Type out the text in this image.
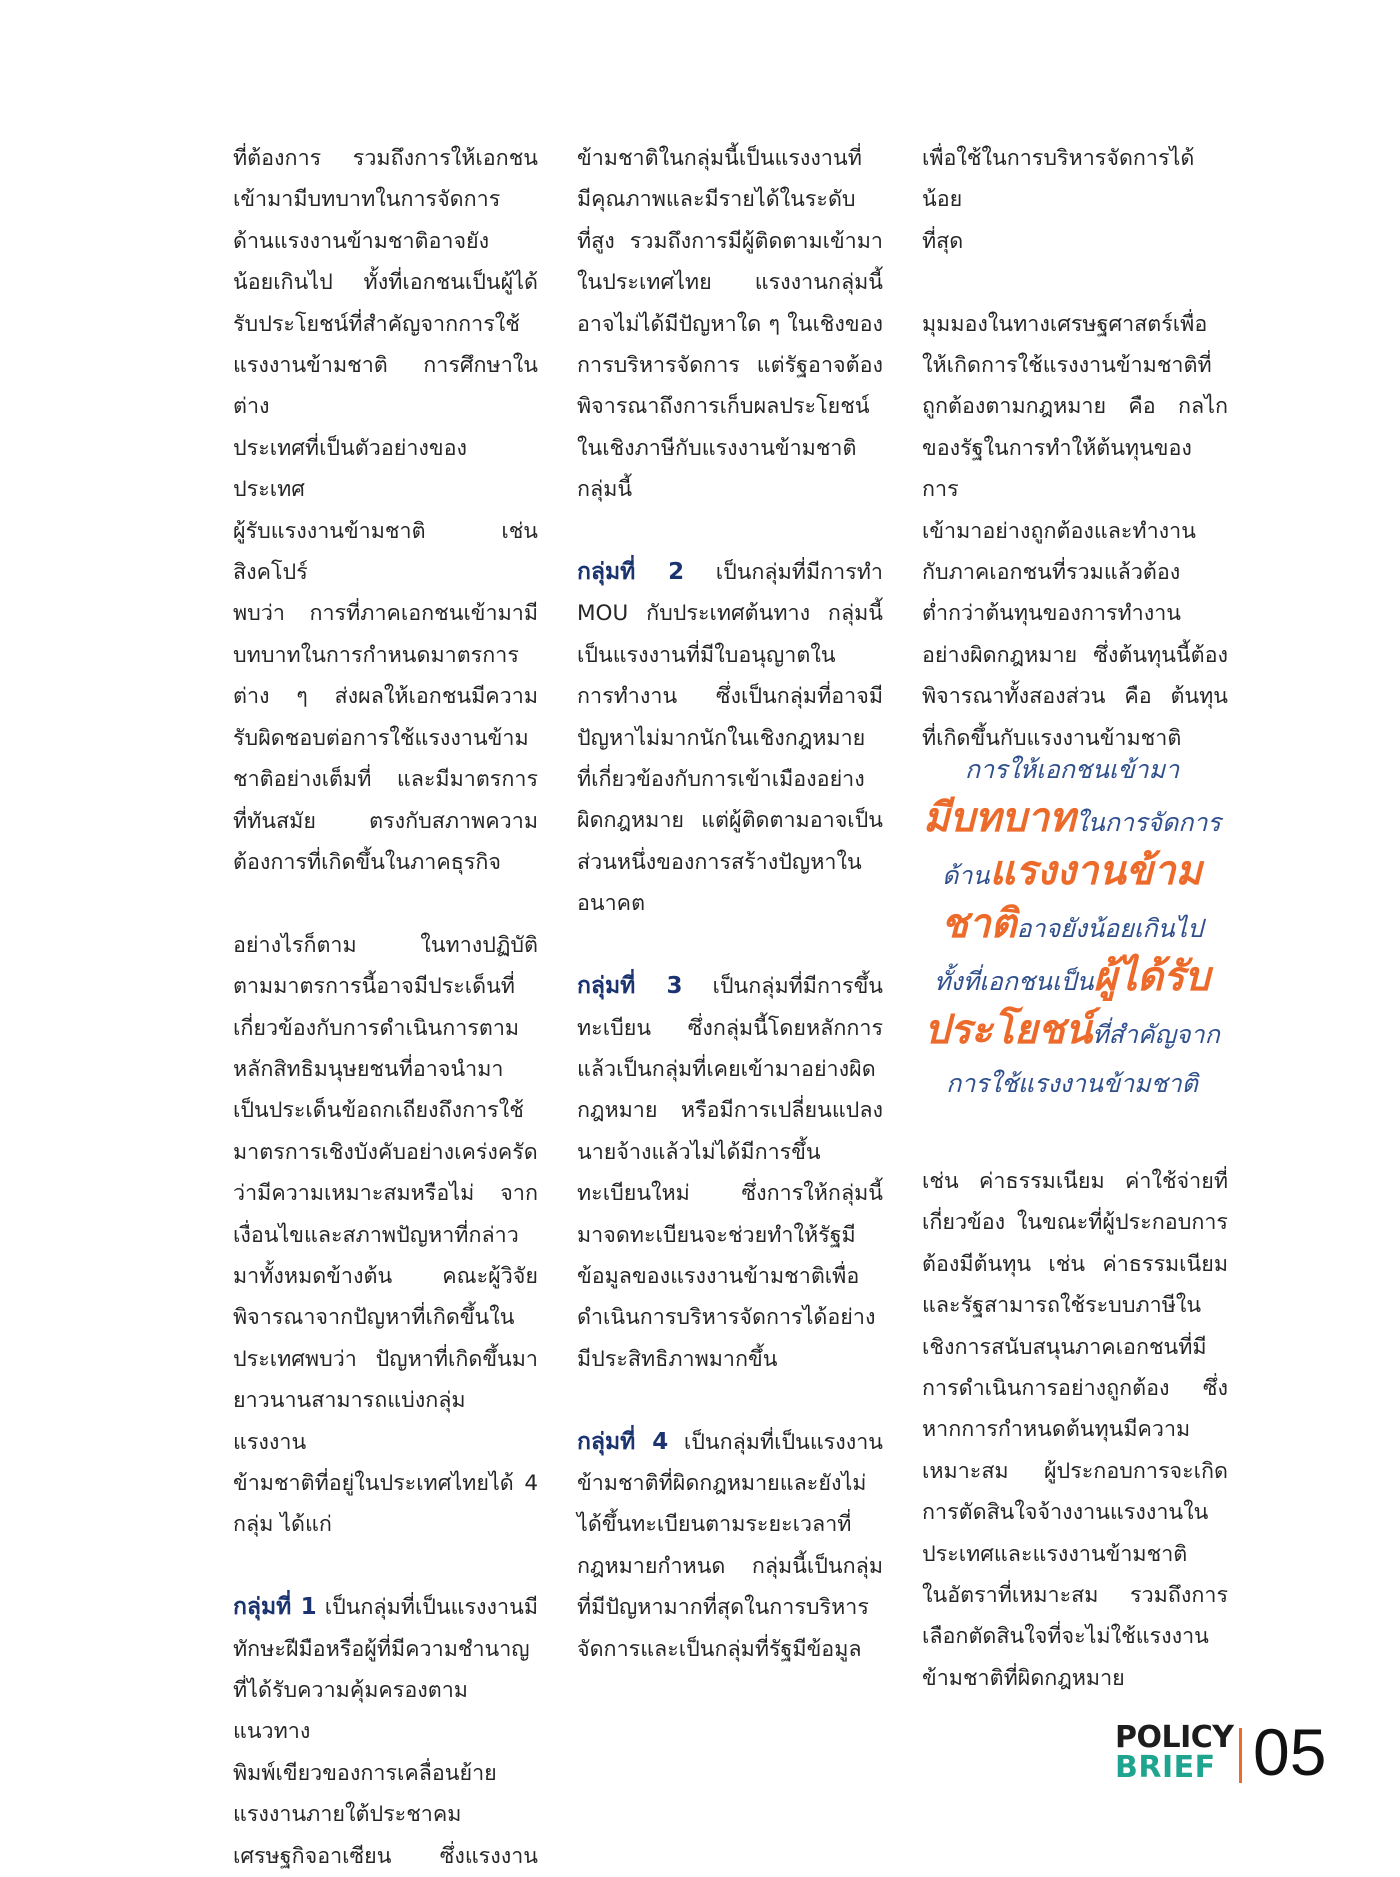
ที่ต้องการ รวมถึงการให้เอกชน
เข้ามามีบทบาทในการจัดการ
ด้านแรงงานข้ามชาติอาจยัง
น้อยเกินไป ทั้งที่เอกชนเป็นผู้ได้
รับประโยชน์ที่สำคัญจากการใช้
แรงงานข้ามชาติ การศึกษาในต่าง
ประเทศที่เป็นตัวอย่างของประเทศ
ผู้รับแรงงานข้ามชาติ เช่น สิงคโปร์
พบว่า การที่ภาคเอกชนเข้ามามี
บทบาทในการกำหนดมาตรการ
ต่าง ๆ ส่งผลให้เอกชนมีความ
รับผิดชอบต่อการใช้แรงงานข้าม
ชาติอย่างเต็มที่ และมีมาตรการ
ที่ทันสมัย ตรงกับสภาพความ
ต้องการที่เกิดขึ้นในภาคธุรกิจ

อย่างไรก็ตาม ในทางปฏิบัติ
ตามมาตรการนี้อาจมีประเด็นที่
เกี่ยวข้องกับการดำเนินการตาม
หลักสิทธิมนุษยชนที่อาจนำมา
เป็นประเด็นข้อถกเถียงถึงการใช้
มาตรการเชิงบังคับอย่างเคร่งครัด
ว่ามีความเหมาะสมหรือไม่ จาก
เงื่อนไขและสภาพปัญหาที่กล่าว
มาทั้งหมดข้างต้น คณะผู้วิจัย
พิจารณาจากปัญหาที่เกิดขึ้นใน
ประเทศพบว่า ปัญหาที่เกิดขึ้นมา
ยาวนานสามารถแบ่งกลุ่มแรงงาน
ข้ามชาติที่อยู่ในประเทศไทยได้ 4
กลุ่ม ได้แก่

กลุ่มที่ 1 เป็นกลุ่มที่เป็นแรงงานมี
ทักษะฝีมือหรือผู้ที่มีความชำนาญ
ที่ได้รับความคุ้มครองตามแนวทาง
พิมพ์เขียวของการเคลื่อนย้าย
แรงงานภายใต้ประชาคม
เศรษฐกิจอาเซียน ซึ่งแรงงาน

ข้ามชาติในกลุ่มนี้เป็นแรงงานที่
มีคุณภาพและมีรายได้ในระดับ
ที่สูง รวมถึงการมีผู้ติดตามเข้ามา
ในประเทศไทย แรงงานกลุ่มนี้
อาจไม่ได้มีปัญหาใด ๆ ในเชิงของ
การบริหารจัดการ แต่รัฐอาจต้อง
พิจารณาถึงการเก็บผลประโยชน์
ในเชิงภาษีกับแรงงานข้ามชาติ
กลุ่มนี้

กลุ่มที่ 2 เป็นกลุ่มที่มีการทำ
MOU กับประเทศต้นทาง กลุ่มนี้
เป็นแรงงานที่มีใบอนุญาตใน
การทำงาน ซึ่งเป็นกลุ่มที่อาจมี
ปัญหาไม่มากนักในเชิงกฎหมาย
ที่เกี่ยวข้องกับการเข้าเมืองอย่าง
ผิดกฎหมาย แต่ผู้ติดตามอาจเป็น
ส่วนหนึ่งของการสร้างปัญหาใน
อนาคต

กลุ่มที่ 3 เป็นกลุ่มที่มีการขึ้น
ทะเบียน ซึ่งกลุ่มนี้โดยหลักการ
แล้วเป็นกลุ่มที่เคยเข้ามาอย่างผิด
กฎหมาย หรือมีการเปลี่ยนแปลง
นายจ้างแล้วไม่ได้มีการขึ้น
ทะเบียนใหม่ ซึ่งการให้กลุ่มนี้
มาจดทะเบียนจะช่วยทำให้รัฐมี
ข้อมูลของแรงงานข้ามชาติเพื่อ
ดำเนินการบริหารจัดการได้อย่าง
มีประสิทธิภาพมากขึ้น

กลุ่มที่ 4 เป็นกลุ่มที่เป็นแรงงาน
ข้ามชาติที่ผิดกฎหมายและยังไม่
ได้ขึ้นทะเบียนตามระยะเวลาที่
กฎหมายกำหนด กลุ่มนี้เป็นกลุ่ม
ที่มีปัญหามากที่สุดในการบริหาร
จัดการและเป็นกลุ่มที่รัฐมีข้อมูล

เพื่อใช้ในการบริหารจัดการได้น้อย
ที่สุด

มุมมองในทางเศรษฐศาสตร์เพื่อ
ให้เกิดการใช้แรงงานข้ามชาติที่
ถูกต้องตามกฎหมาย คือ กลไก
ของรัฐในการทำให้ต้นทุนของการ
เข้ามาอย่างถูกต้องและทำงาน
กับภาคเอกชนที่รวมแล้วต้อง
ต่ำกว่าต้นทุนของการทำงาน
อย่างผิดกฎหมาย ซึ่งต้นทุนนี้ต้อง
พิจารณาทั้งสองส่วน คือ ต้นทุน
ที่เกิดขึ้นกับแรงงานข้ามชาติ

เช่น ค่าธรรมเนียม ค่าใช้จ่ายที่
เกี่ยวข้อง ในขณะที่ผู้ประกอบการ
ต้องมีต้นทุน เช่น ค่าธรรมเนียม
และรัฐสามารถใช้ระบบภาษีใน
เชิงการสนับสนุนภาคเอกชนที่มี
การดำเนินการอย่างถูกต้อง ซึ่ง
หากการกำหนดต้นทุนมีความ
เหมาะสม ผู้ประกอบการจะเกิด
การตัดสินใจจ้างงานแรงงานใน
ประเทศและแรงงานข้ามชาติ
ในอัตราที่เหมาะสม รวมถึงการ
เลือกตัดสินใจที่จะไม่ใช้แรงงาน
ข้ามชาติที่ผิดกฎหมาย

การให้เอกชนเข้ามา
มีบทบาทในการจัดการ
ด้านแรงงานข้าม
ชาติอาจยังน้อยเกินไป
ทั้งที่เอกชนเป็นผู้ได้รับ
ประโยชน์ที่สำคัญจาก
การใช้แรงงานข้ามชาติ
POLICY
BRIEF 05
